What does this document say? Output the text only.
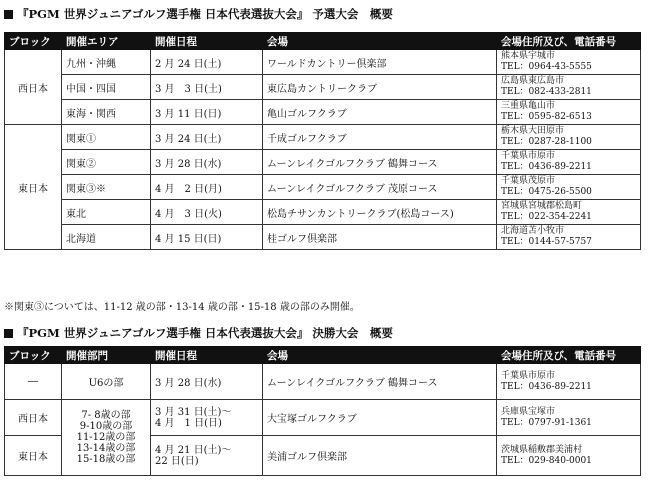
『PGM 世界ジュニアゴルフ選手権 日本代表選抜大会』 予選大会　概要
ブロック	開催エリア	開催日程	会場	会場住所及び、電話番号
西日本	九州・沖縄	2 月 24 日(土)	ワールドカントリー倶楽部	熊本県宇城市
TEL：0964-43-5555

	中国・四国	3 月　3 日(土)	東広島カントリークラブ	広島県東広島市
TEL：082-433-2811

	東海・関西	3 月 11 日(日)	亀山ゴルフクラブ	三重県亀山市
TEL：0595-82-6513

東日本	関東①	3 月 24 日(土)	千成ゴルフクラブ	栃木県大田原市
TEL：0287-28-1100

	関東②	3 月 28 日(水)	ムーンレイクゴルフクラブ 鶴舞コース	千葉県市原市
TEL：0436-89-2211

	関東③※	4 月　2 日(月)	ムーンレイクゴルフクラブ 茂原コース	千葉県茂原市
TEL：0475-26-5500

	東北	4 月　3 日(火)	松島チサンカントリークラブ(松島コース)	宮城県宮城郡松島町
TEL：022-354-2241

	北海道	4 月 15 日(日)	桂ゴルフ倶楽部	北海道苫小牧市
TEL：0144-57-5757
※関東③については、11-12 歳の部・13-14 歳の部・15-18 歳の部のみ開催。
『PGM 世界ジュニアゴルフ選手権 日本代表選抜大会』 決勝大会　概要
ブロック	開催部門	開催日程	会場	会場住所及び、電話番号
―	U6の部	3 月 28 日(水)	ムーンレイクゴルフクラブ 鶴舞コース	千葉県市原市
TEL：0436-89-2211

西日本	7- 8歳の部
9-10歳の部
11-12歳の部
13-14歳の部
15-18歳の部	3 月 31 日(土)～
4 月　1 日(日)	大宝塚ゴルフクラブ	兵庫県宝塚市
TEL：0797-91-1361

東日本		4 月 21 日(土)～
22 日(日)	美浦ゴルフ倶楽部	茨城県稲敷郡美浦村
TEL：029-840-0001
